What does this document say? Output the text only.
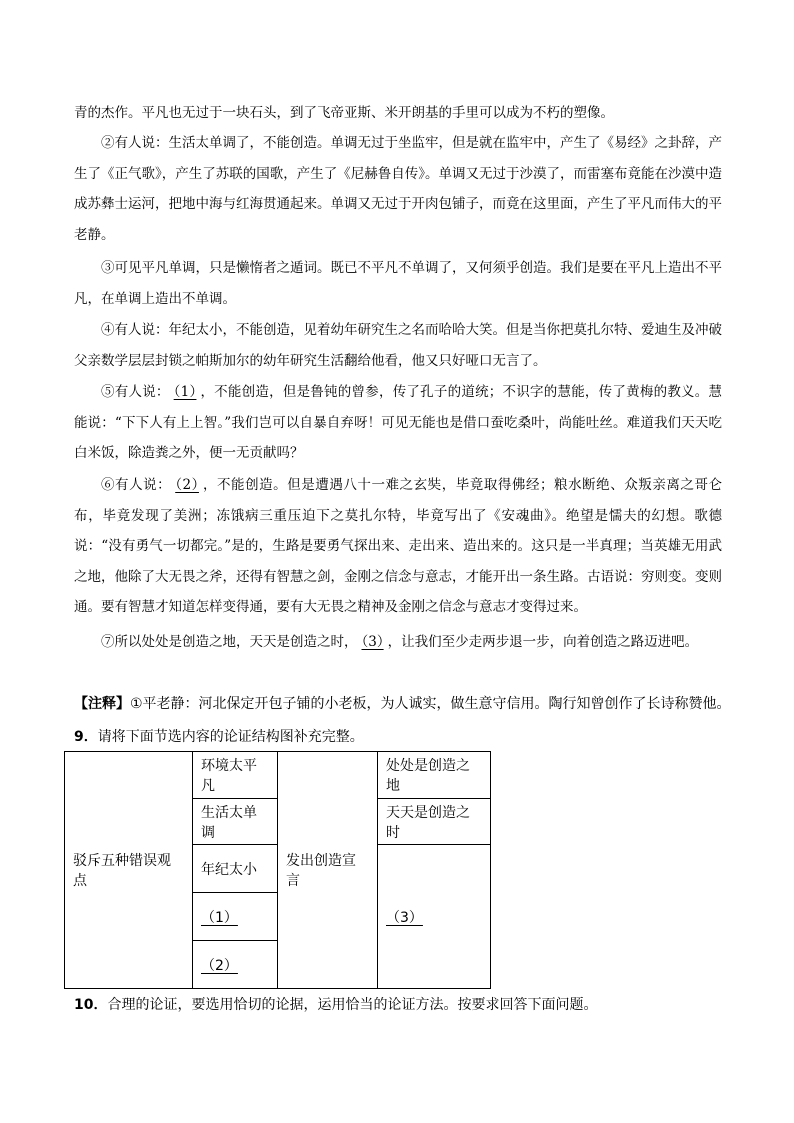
青的杰作。平凡也无过于一块石头，到了飞帝亚斯、米开朗基的手里可以成为不朽的塑像。

②有人说：生活太单调了，不能创造。单调无过于坐监牢，但是就在监牢中，产生了《易经》之卦辞，产生了《正气歌》，产生了苏联的国歌，产生了《尼赫鲁自传》。单调又无过于沙漠了，而雷塞布竟能在沙漠中造成苏彝士运河，把地中海与红海贯通起来。单调又无过于开肉包铺子，而竟在这里面，产生了平凡而伟大的平老静。

③可见平凡单调，只是懒惰者之遁词。既已不平凡不单调了，又何须乎创造。我们是要在平凡上造出不平凡，在单调上造出不单调。

④有人说：年纪太小，不能创造，见着幼年研究生之名而哈哈大笑。但是当你把莫扎尔特、爱迪生及冲破父亲数学层层封锁之帕斯加尔的幼年研究生活翻给他看，他又只好哑口无言了。

⑤有人说： （1） ，不能创造，但是鲁钝的曾参，传了孔子的道统；不识字的慧能，传了黄梅的教义。慧能说：“下下人有上上智。”我们岂可以自暴自弃呀！可见无能也是借口蚕吃桑叶，尚能吐丝。难道我们天天吃白米饭，除造粪之外，便一无贡献吗？

⑥有人说： （2） ，不能创造。但是遭遇八十一难之玄奘，毕竟取得佛经；粮水断绝、众叛亲离之哥仑布，毕竟发现了美洲；冻饿病三重压迫下之莫扎尔特，毕竟写出了《安魂曲》。绝望是懦夫的幻想。歌德说：“没有勇气一切都完。”是的，生路是要勇气探出来、走出来、造出来的。这只是一半真理；当英雄无用武之地，他除了大无畏之斧，还得有智慧之剑，金刚之信念与意志，才能开出一条生路。古语说：穷则变。变则通。要有智慧才知道怎样变得通，要有大无畏之精神及金刚之信念与意志才变得过来。

⑦所以处处是创造之地，天天是创造之时， （3） ，让我们至少走两步退一步，向着创造之路迈进吧。

【注释】①平老静：河北保定开包子铺的小老板，为人诚实，做生意守信用。陶行知曾创作了长诗称赞他。

9．请将下面节选内容的论证结构图补充完整。

驳斥五种错误观点	环境太平凡	发出创造宣言	处处是创造之地
	生活太单调		天天是创造之时
	年纪太小		（3）
	（1）		
	（2）		

10．合理的论证，要选用恰切的论据，运用恰当的论证方法。按要求回答下面问题。
